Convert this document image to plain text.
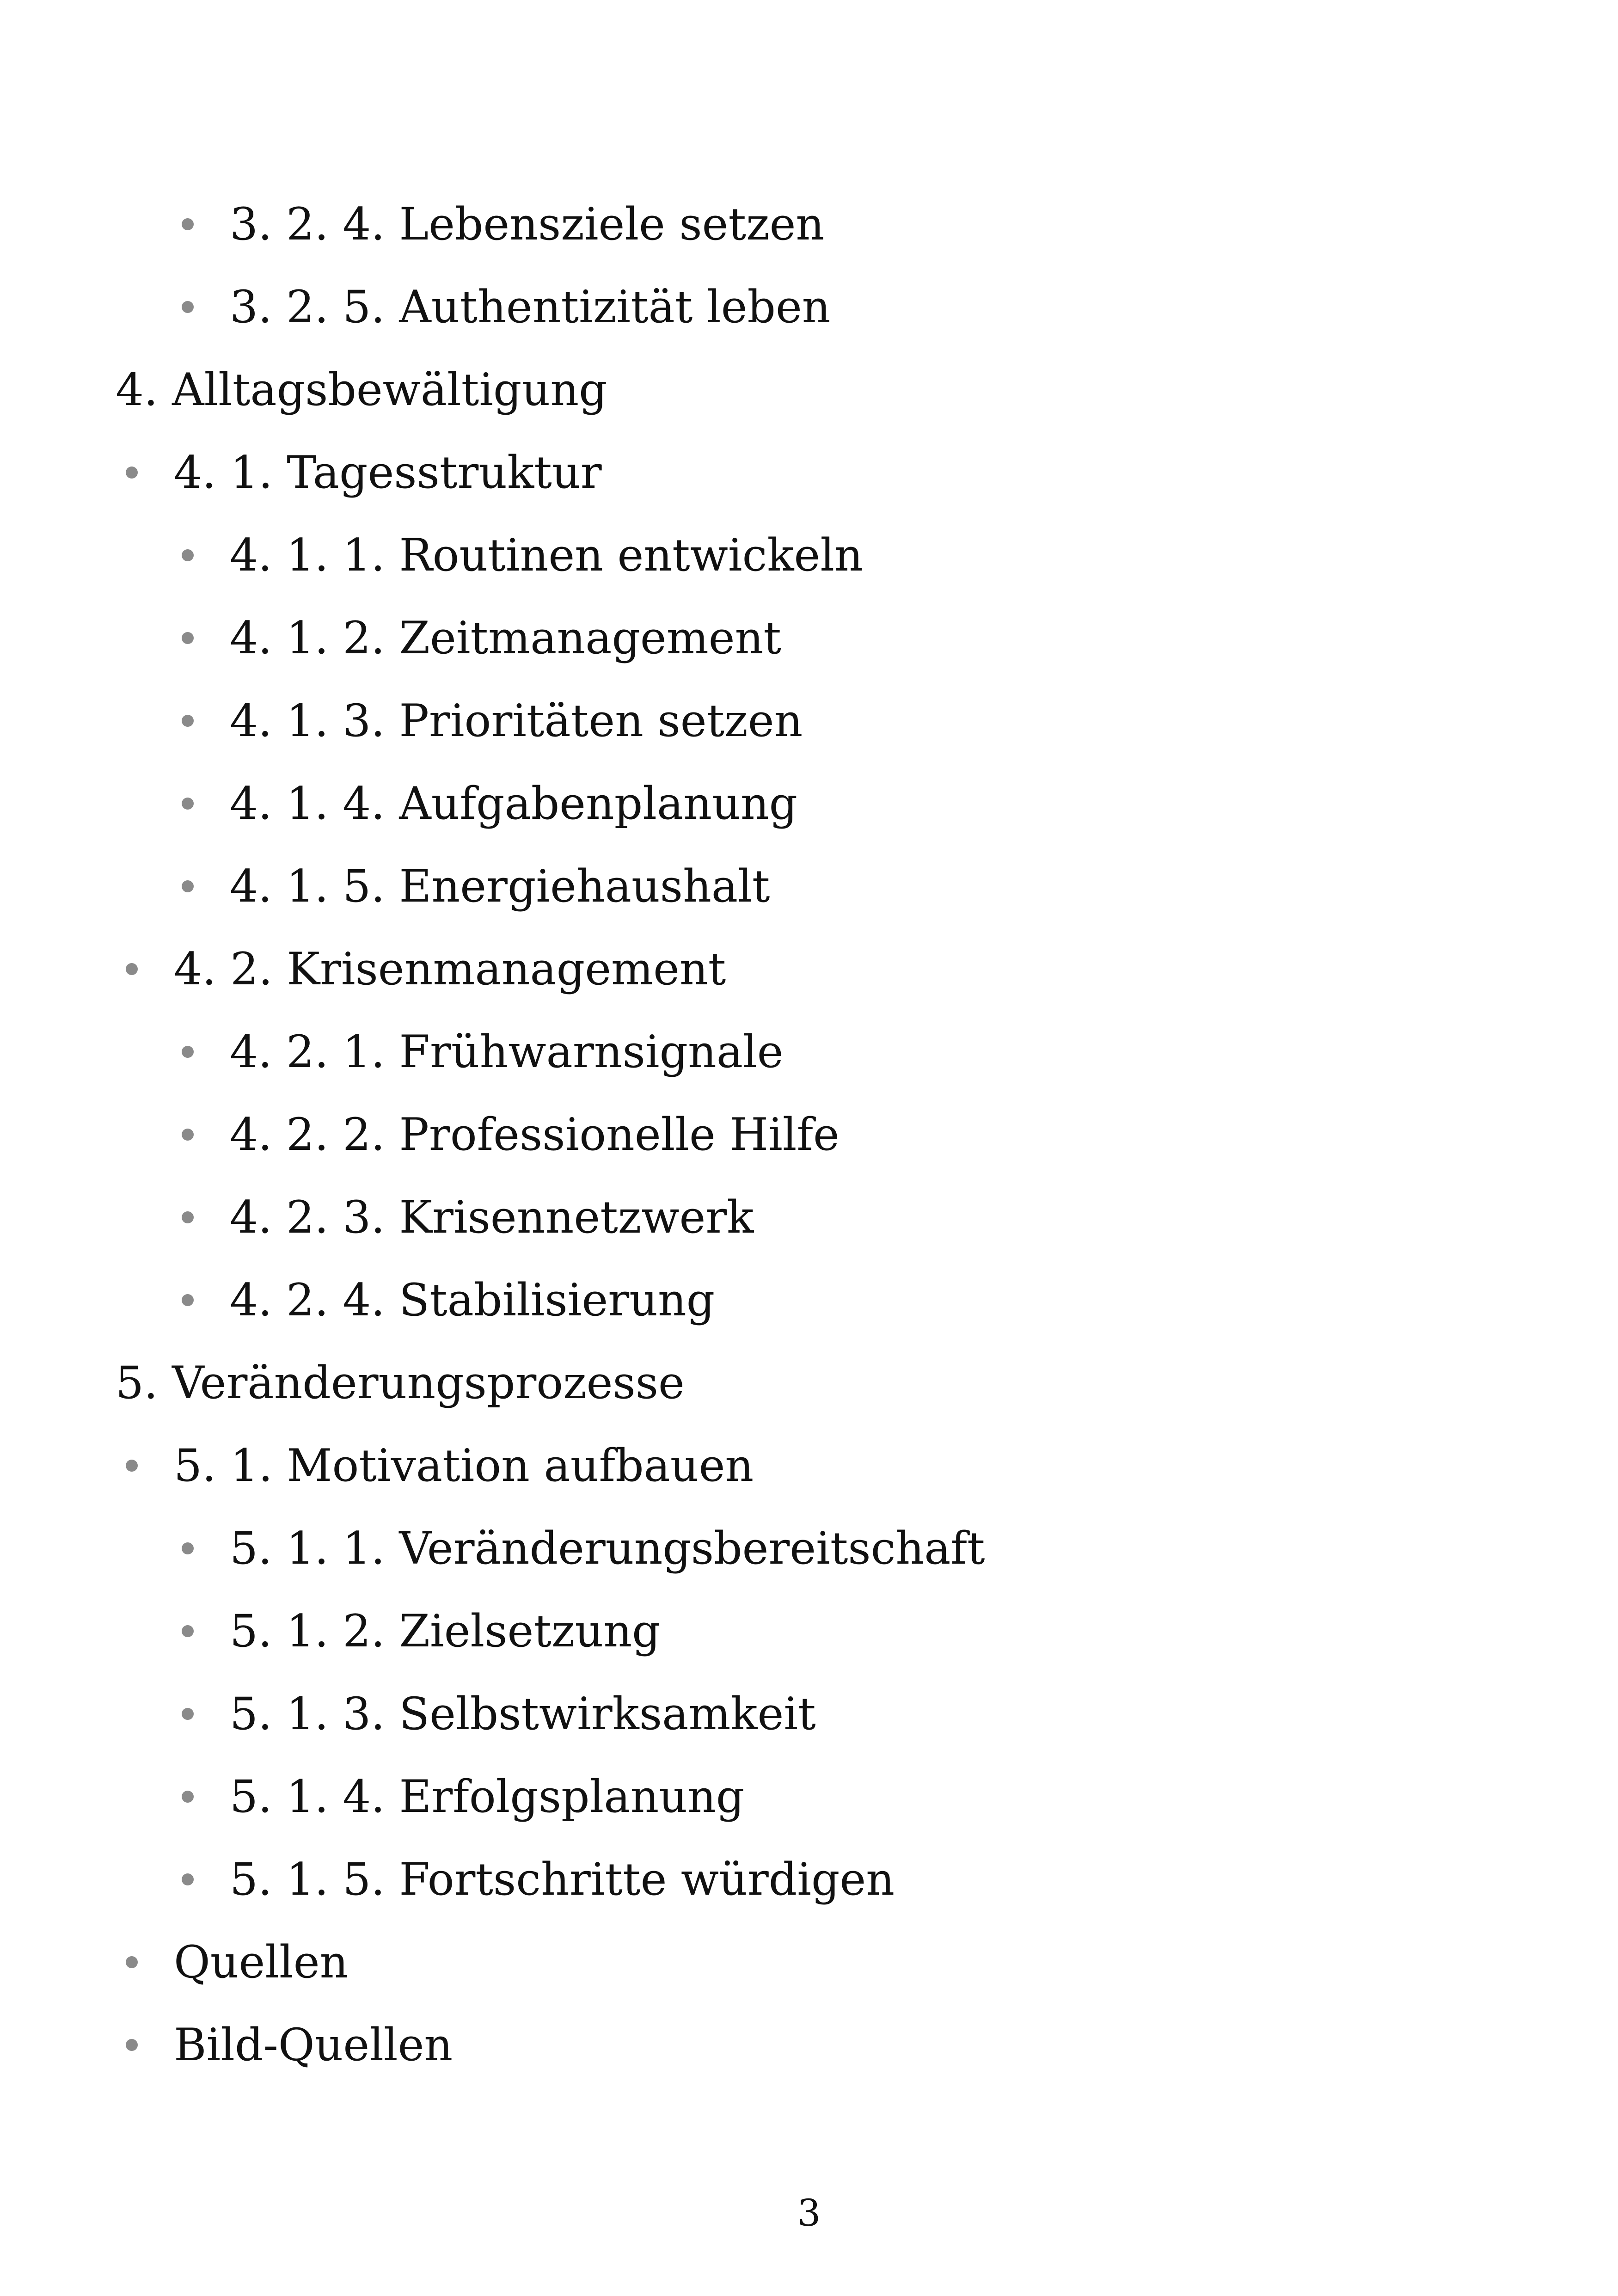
3. 2. 4. Lebensziele setzen
3. 2. 5. Authentizität leben
4. Alltagsbewältigung
4. 1. Tagesstruktur
4. 1. 1. Routinen entwickeln
4. 1. 2. Zeitmanagement
4. 1. 3. Prioritäten setzen
4. 1. 4. Aufgabenplanung
4. 1. 5. Energiehaushalt
4. 2. Krisenmanagement
4. 2. 1. Frühwarnsignale
4. 2. 2. Professionelle Hilfe
4. 2. 3. Krisennetzwerk
4. 2. 4. Stabilisierung
5. Veränderungsprozesse
5. 1. Motivation aufbauen
5. 1. 1. Veränderungsbereitschaft
5. 1. 2. Zielsetzung
5. 1. 3. Selbstwirksamkeit
5. 1. 4. Erfolgsplanung
5. 1. 5. Fortschritte würdigen
Quellen
Bild-Quellen
3
